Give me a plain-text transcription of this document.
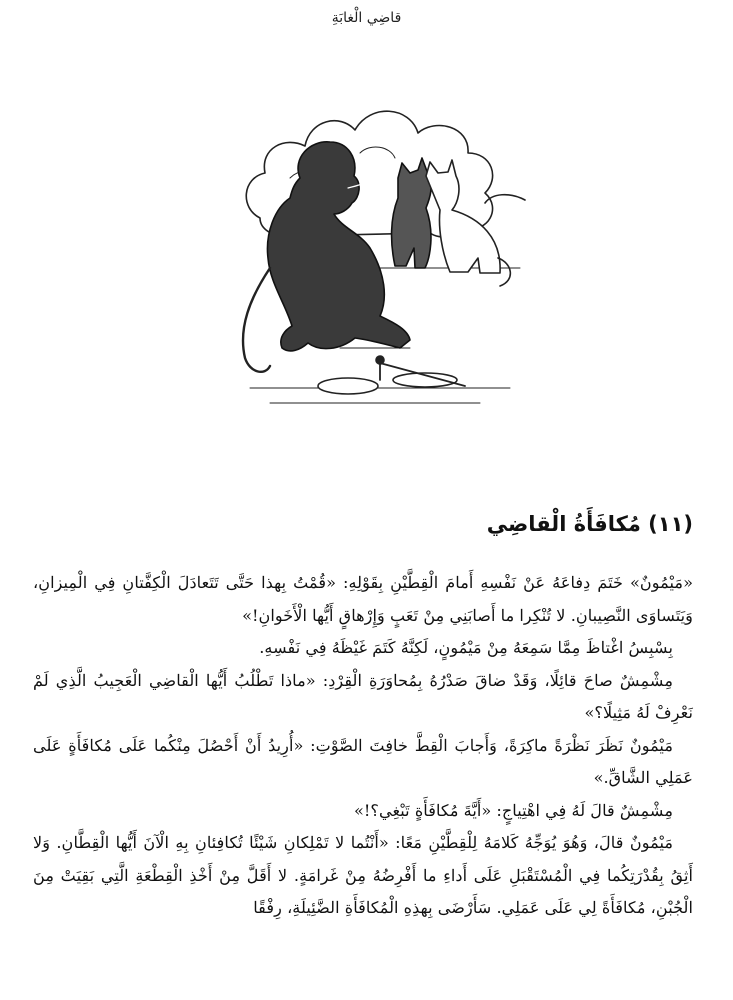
قاضِي الْغابَةِ
(١١) مُكافَأَةُ الْقاضِي

«مَيْمُونٌ» خَتَمَ دِفاعَهُ عَنْ نَفْسِهِ أَمامَ الْقِطَّيْنِ بِقَوْلِهِ: «قُمْتُ بِهذا حَتَّى تَتَعادَلَ الْكِفَّتانِ فِي الْمِيزانِ، وَيَتَساوَى النَّصِيبانِ. لا تُنْكِرا ما أَصابَنِي مِنْ تَعَبٍ وَإِرْهاقٍ أَيُّها الْأَخَوانِ!»

بِسْبِسُ اغْتاظَ مِمَّا سَمِعَهُ مِنْ مَيْمُونٍ، لَكِنَّهُ كَتَمَ غَيْظَهُ فِي نَفْسِهِ.

مِشْمِشٌ صاحَ قائِلًا، وَقَدْ ضاقَ صَدْرُهُ بِمُحاوَرَةِ الْقِرْدِ: «ماذا تَطْلُبُ أَيُّها الْقاضِي الْعَجِيبُ الَّذِي لَمْ نَعْرِفْ لَهُ مَثِيلًا؟»

مَيْمُونٌ نَظَرَ نَظْرَةً ماكِرَةً، وَأَجابَ الْقِطَّ خافِتَ الصَّوْتِ: «أُرِيدُ أَنْ أَحْصُلَ مِنْكُما عَلَى مُكافَأَةٍ عَلَى عَمَلِي الشَّاقِّ.»

مِشْمِشٌ قالَ لَهُ فِي اهْتِياجٍ: «أَيَّةَ مُكافَأَةٍ تَبْغِي؟!»

مَيْمُونٌ قالَ، وَهُوَ يُوَجِّهُ كَلامَهُ لِلْقِطَّيْنِ مَعًا: «أَنْتُما لا تَمْلِكانِ شَيْئًا تُكافِئانِ بِهِ الْآنَ أَيُّها الْقِطَّانِ. وَلا أَثِقُ بِقُدْرَتِكُما فِي الْمُسْتَقْبَلِ عَلَى أَداءِ ما أَفْرِضُهُ مِنْ غَرامَةٍ. لا أَقَلَّ مِنْ أَخْذِ الْقِطْعَةِ الَّتِي بَقِيَتْ مِنَ الْجُبْنِ، مُكافَأَةً لِي عَلَى عَمَلِي. سَأَرْضَى بِهذِهِ الْمُكافَأَةِ الضَّئِيلَةِ، رِفْقًا
